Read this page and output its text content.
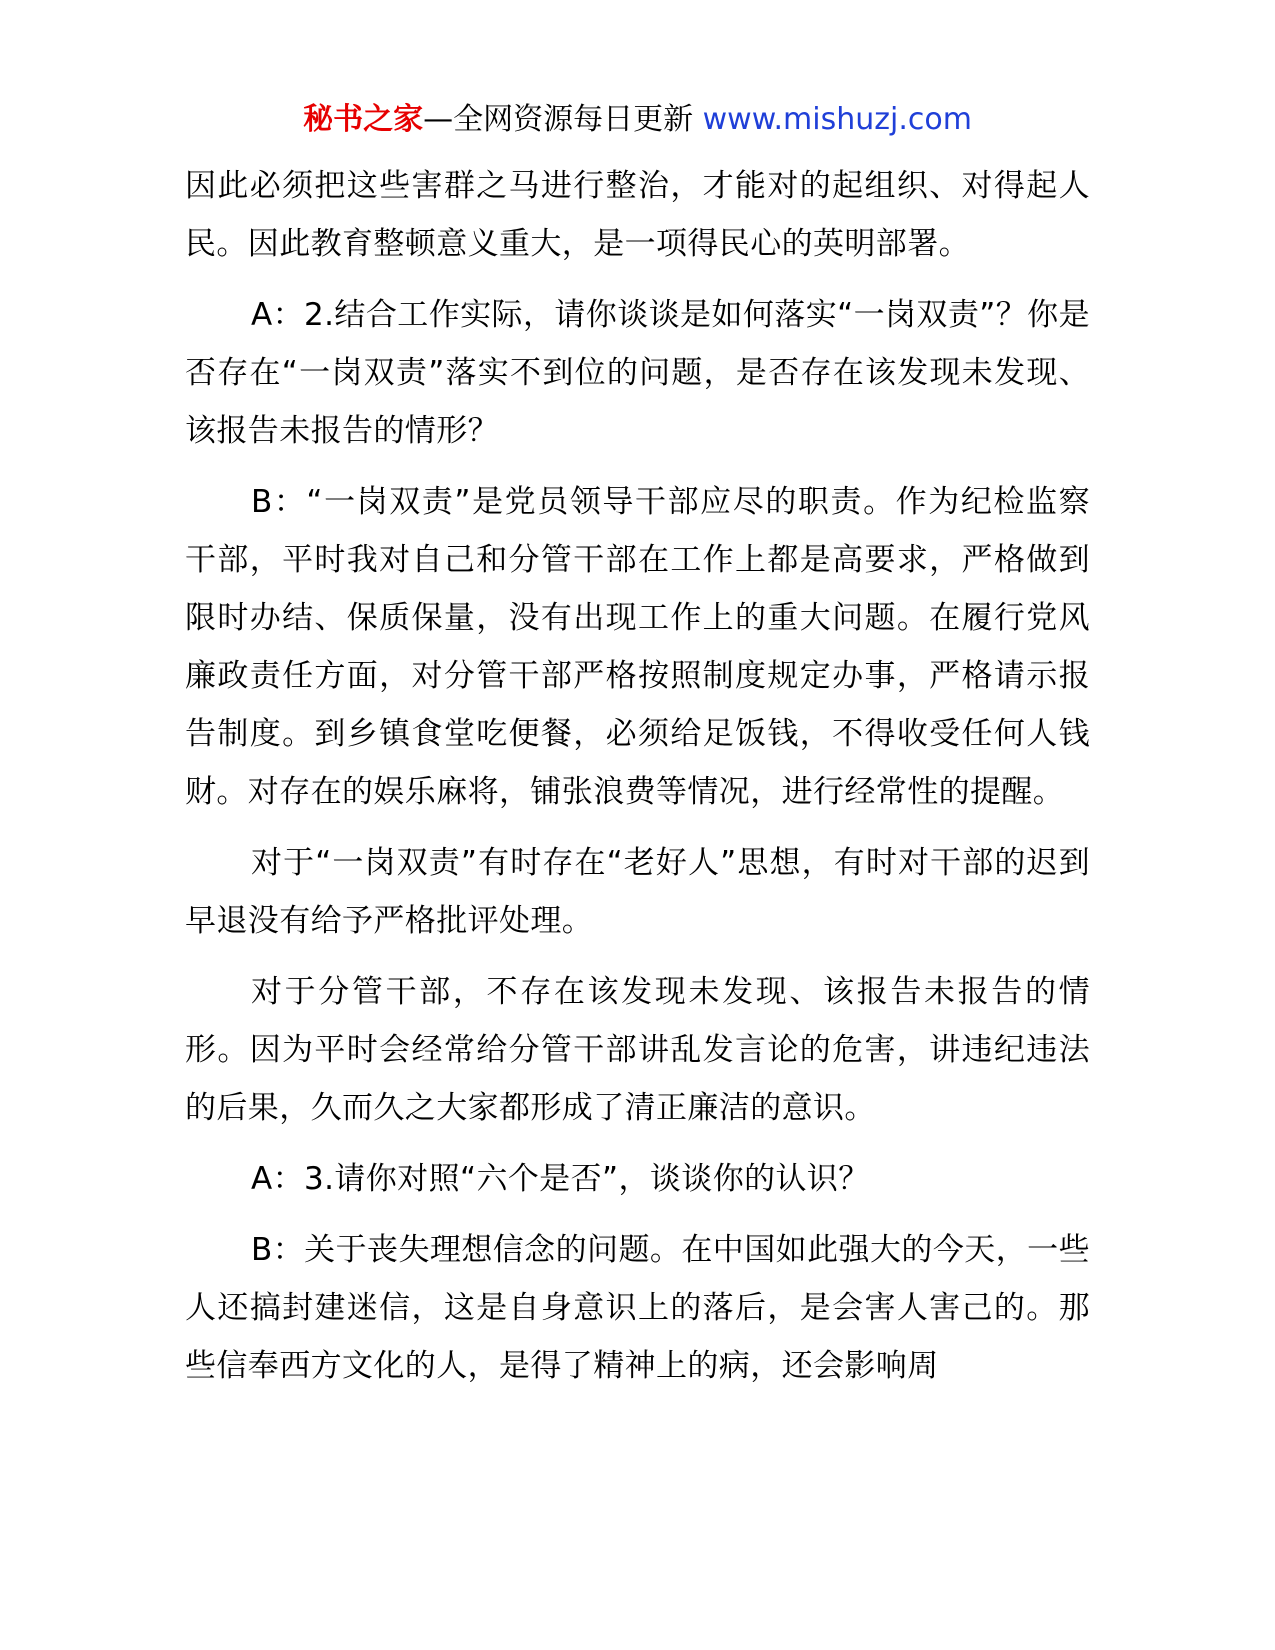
秘书之家—全网资源每日更新 www.mishuzj.com

因此必须把这些害群之马进行整治，才能对的起组织、对得起人民。因此教育整顿意义重大，是一项得民心的英明部署。

A：2.结合工作实际，请你谈谈是如何落实“一岗双责”？你是否存在“一岗双责”落实不到位的问题，是否存在该发现未发现、该报告未报告的情形？

B：“一岗双责”是党员领导干部应尽的职责。作为纪检监察干部，平时我对自己和分管干部在工作上都是高要求，严格做到限时办结、保质保量，没有出现工作上的重大问题。在履行党风廉政责任方面，对分管干部严格按照制度规定办事，严格请示报告制度。到乡镇食堂吃便餐，必须给足饭钱，不得收受任何人钱财。对存在的娱乐麻将，铺张浪费等情况，进行经常性的提醒。

对于“一岗双责”有时存在“老好人”思想，有时对干部的迟到早退没有给予严格批评处理。

对于分管干部，不存在该发现未发现、该报告未报告的情形。因为平时会经常给分管干部讲乱发言论的危害，讲违纪违法的后果，久而久之大家都形成了清正廉洁的意识。

A：3.请你对照“六个是否”，谈谈你的认识？

B：关于丧失理想信念的问题。在中国如此强大的今天，一些人还搞封建迷信，这是自身意识上的落后，是会害人害己的。那些信奉西方文化的人，是得了精神上的病，还会影响周
